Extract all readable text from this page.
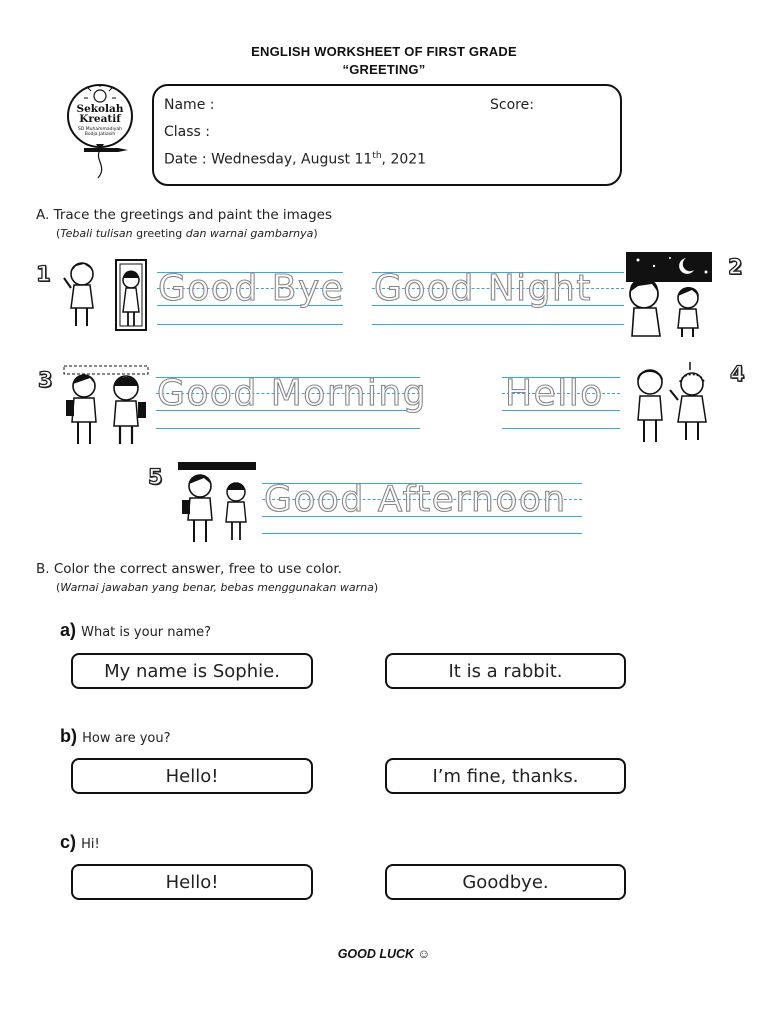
ENGLISH WORKSHEET OF FIRST GRADE
“GREETING”
Sekolah
Kreatif
SD Muhammadiyah
Bodja Jatiasih
Name :	Score:
Class :
Date : Wednesday, August 11th, 2021
A. Trace the greetings and paint the images
(Tebali tulisan greeting dan warnai gambarnya)
1	Good Bye Good Night
2
3	Good Morning Hello	4
5
Good Afternoon
B. Color the correct answer, free to use color.
(Warnai jawaban yang benar, bebas menggunakan warna)
a) What is your name?
My name is Sophie.	It is a rabbit.
b) How are you?
Hello!	I’m fine, thanks.
c) Hi!
Hello!	Goodbye.
GOOD LUCK ☺
